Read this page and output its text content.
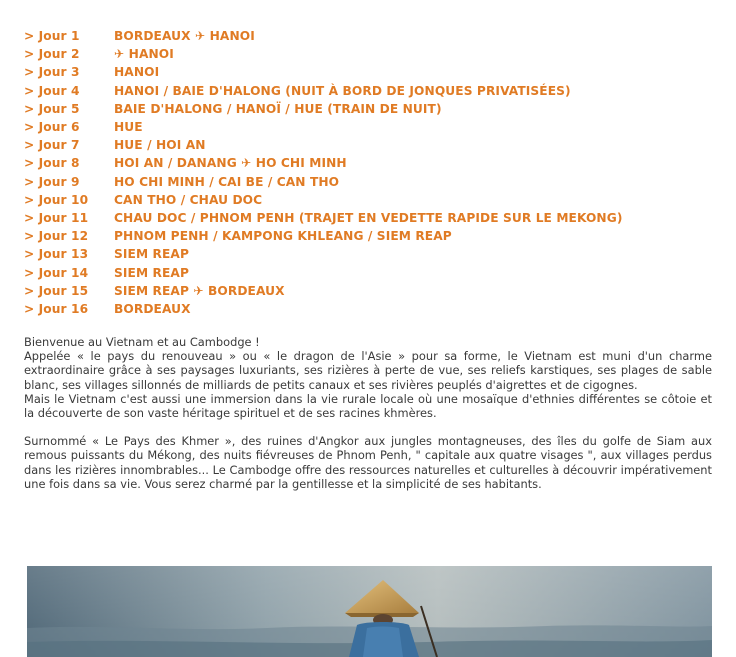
> Jour 1	BORDEAUX ✈ HANOI
> Jour 2	✈ HANOI
> Jour 3	HANOI
> Jour 4	HANOI / BAIE D'HALONG (NUIT À BORD DE JONQUES PRIVATISÉES)
> Jour 5	BAIE D'HALONG / HANOÏ / HUE (TRAIN DE NUIT)
> Jour 6	HUE
> Jour 7	HUE / HOI AN
> Jour 8	HOI AN / DANANG ✈ HO CHI MINH
> Jour 9	HO CHI MINH / CAI BE / CAN THO
> Jour 10	CAN THO / CHAU DOC
> Jour 11	CHAU DOC / PHNOM PENH (TRAJET EN VEDETTE RAPIDE SUR LE MEKONG)
> Jour 12	PHNOM PENH / KAMPONG KHLEANG / SIEM REAP
> Jour 13	SIEM REAP
> Jour 14	SIEM REAP
> Jour 15	SIEM REAP ✈ BORDEAUX
> Jour 16	BORDEAUX

Bienvenue au Vietnam et au Cambodge !

Appelée « le pays du renouveau » ou « le dragon de l'Asie » pour sa forme, le Vietnam est muni d'un charme extraordinaire grâce à ses paysages luxuriants, ses rizières à perte de vue, ses reliefs karstiques, ses plages de sable blanc, ses villages sillonnés de milliards de petits canaux et ses rivières peuplés d'aigrettes et de cigognes.

Mais le Vietnam c'est aussi une immersion dans la vie rurale locale où une mosaïque d'ethnies différentes se côtoie et la découverte de son vaste héritage spirituel et de ses racines khmères.

Surnommé « Le Pays des Khmer », des ruines d'Angkor aux jungles montagneuses, des îles du golfe de Siam aux remous puissants du Mékong, des nuits fiévreuses de Phnom Penh, " capitale aux quatre visages ", aux villages perdus dans les rizières innombrables... Le Cambodge offre des ressources naturelles et culturelles à découvrir impérativement une fois dans sa vie. Vous serez charmé par la gentillesse et la simplicité de ses habitants.
